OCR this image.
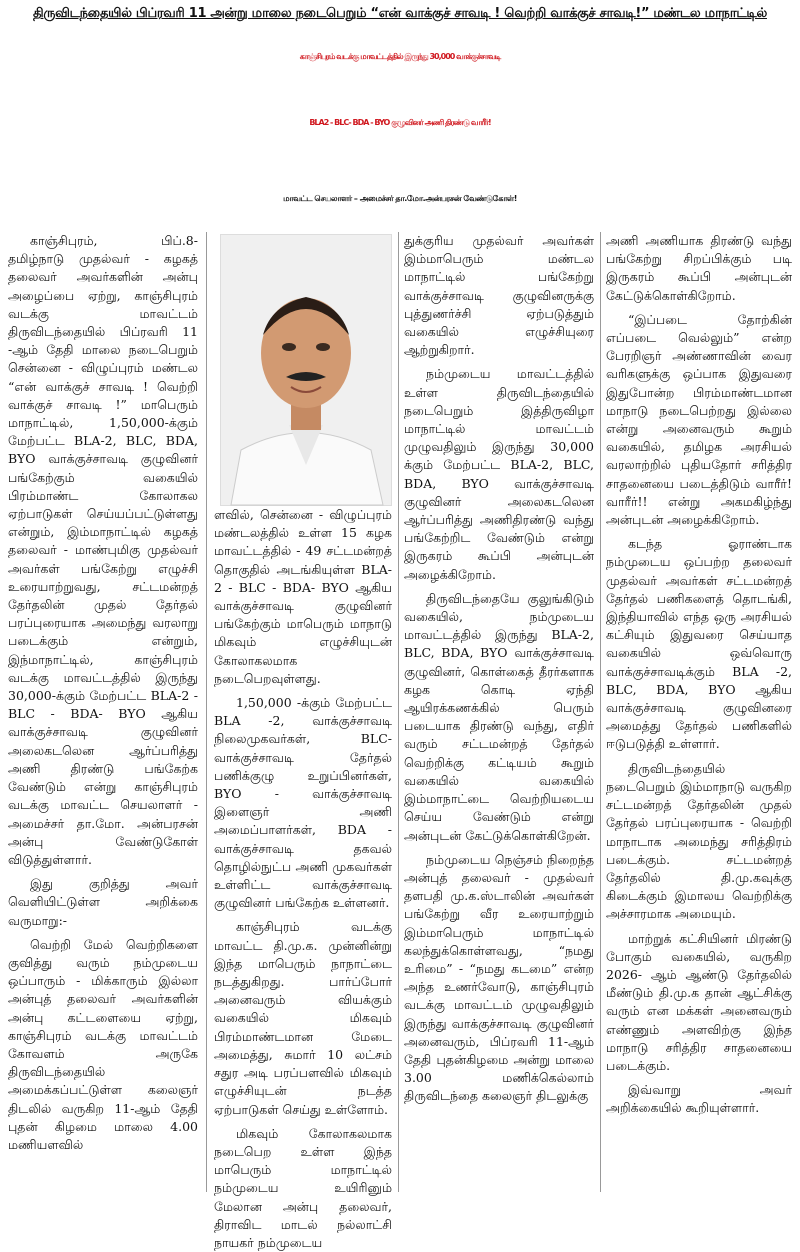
திருவிடந்தையில் பிப்ரவரி 11 அன்று மாலை நடைபெறும் “என் வாக்குச் சாவடி ! வெற்றி வாக்குச் சாவடி!” மண்டல மாநாட்டில்
காஞ்சிபுரம் வடக்கு மாவட்டத்தில் இருந்து 30,000 வாக்குச்சாவடி
BLA2 - BLC- BDA - BYO குழுவினர் அணி திரண்டு வாரீர்!
மாவட்ட செயலாளர் – அமைச்சர் தா.மோ.அன்பரசன் வேண்டுகோள்!

காஞ்சிபுரம், பிப்.8- தமிழ்நாடு முதல்வர் - கழகத் தலைவர் அவர்களின் அன்பு அழைப்பை ஏற்று, காஞ்சிபுரம் வடக்கு மாவட்டம் திருவிடந்தையில் பிப்ரவரி 11 -ஆம் தேதி மாலை நடைபெறும் சென்னை - விழுப்புரம் மண்டல “என் வாக்குச் சாவடி ! வெற்றி வாக்குச் சாவடி !” மாபெரும் மாநாட்டில், 1,50,000-க்கும் மேற்பட்ட BLA-2, BLC, BDA, BYO வாக்குச்சாவடி குழுவினர் பங்கேற்கும் வகையில் பிரம்மாண்ட கோலாகல ஏற்பாடுகள் செய்யப்பட்டுள்ளது என்றும், இம்மாநாட்டில் கழகத் தலைவர் - மாண்புமிகு முதல்வர் அவர்கள் பங்கேற்று எழுச்சி உரையாற்றுவது, சட்டமன்றத் தேர்தலின் முதல் தேர்தல் பரப்புரையாக அமைந்து வரலாறு படைக்கும் என்றும், இந்மாநாட்டில், காஞ்சிபுரம் வடக்கு மாவட்டத்தில் இருந்து 30,000-க்கும் மேற்பட்ட BLA-2 - BLC - BDA- BYO ஆகிய வாக்குச்சாவடி குழுவினர் அலைகடலென ஆர்ப்பரித்து அணி திரண்டு பங்கேற்க வேண்டும் என்று காஞ்சிபுரம் வடக்கு மாவட்ட செயலாளர் - அமைச்சர் தா.மோ. அன்பரசன் அன்பு வேண்டுகோள் விடுத்துள்ளார்.

இது குறித்து அவர் வெளியிட்டுள்ள அறிக்கை வருமாறு:-

வெற்றி மேல் வெற்றிகளை குவித்து வரும் நம்முடைய ஒப்பாரும் - மிக்காரும் இல்லா அன்புத் தலைவர் அவர்களின் அன்பு கட்டளையை ஏற்று, காஞ்சிபுரம் வடக்கு மாவட்டம் கோவளம் அருகே திருவிடந்தையில் அமைக்கப்பட்டுள்ள கலைஞர் திடலில் வருகிற 11-ஆம் தேதி புதன் கிழமை மாலை 4.00 மணியளவில்

ளவில், சென்னை - விழுப்புரம் மண்டலத்தில் உள்ள 15 கழக மாவட்டத்தில் - 49 சட்டமன்றத் தொகுதில் அடங்கியுள்ள BLA-2 - BLC - BDA- BYO ஆகிய வாக்குச்சாவடி குழுவினர் பங்கேற்கும் மாபெரும் மாநாடு மிகவும் எழுச்சியுடன் கோலாகலமாக நடைபெறவுள்ளது.

1,50,000 -க்கும் மேற்பட்ட BLA -2, வாக்குச்சாவடி நிலைமுகவர்கள், BLC- வாக்குச்சாவடி தேர்தல் பணிக்குழு உறுப்பினர்கள், BYO - வாக்குச்சாவடி இளைஞர் அணி அமைப்பாளர்கள், BDA - வாக்குச்சாவடி தகவல் தொழில்நுட்ப அணி முகவர்கள் உள்ளிட்ட வாக்குச்சாவடி குழுவினர் பங்கேற்க உள்ளனர்.

காஞ்சிபுரம் வடக்கு மாவட்ட தி.மு.க. முன்னின்று இந்த மாபெரும் நாநாட்டை நடத்துகிறது. பார்ப்போர் அனைவரும் வியக்கும் வகையில் மிகவும் பிரம்மாண்டமான மேடை அமைத்து, சுமார் 10 லட்சம் சதுர அடி பரப்பளவில் மிகவும் எழுச்சியுடன் நடத்த ஏற்பாடுகள் செய்து உள்ளோம்.

மிகவும் கோலாகலமாக நடைபெற உள்ள இந்த மாபெரும் மாநாட்டில் நம்முடைய உயிரினும் மேலான அன்பு தலைவர், திராவிட மாடல் நல்லாட்சி நாயகர் நம்முடைய

துக்குரிய முதல்வர் அவர்கள் இம்மாபெரும் மண்டல மாநாட்டில் பங்கேற்று வாக்குச்சாவடி குழுவினருக்கு புத்துணர்ச்சி ஏற்படுத்தும் வகையில் எழுச்சியுரை ஆற்றுகிறார்.

நம்முடைய மாவட்டத்தில் உள்ள திருவிடந்தையில் நடைபெறும் இத்திருவிழா மாநாட்டில் மாவட்டம் முழுவதிலும் இருந்து 30,000 க்கும் மேற்பட்ட BLA-2, BLC, BDA, BYO வாக்குச்சாவடி குழுவினர் அலைகடலென ஆர்ப்பரித்து அணிதிரண்டு வந்து பங்கேற்றிட வேண்டும் என்று இருகரம் கூப்பி அன்புடன் அழைக்கிறோம்.

திருவிடந்தையே குலுங்கிடும் வகையில், நம்முடைய மாவட்டத்தில் இருந்து BLA-2, BLC, BDA, BYO வாக்குச்சாவடி குழுவினர், கொள்கைத் தீரர்களாக கழக கொடி ஏந்தி ஆயிரக்கணக்கில் பெரும் படையாக திரண்டு வந்து, எதிர் வரும் சட்டமன்றத் தேர்தல் வெற்றிக்கு கட்டியம் கூறும் வகையில் வகையில் இம்மாநாட்டை வெற்றியடைய செய்ய வேண்டும் என்று அன்புடன் கேட்டுக்கொள்கிறேன்.

நம்முடைய நெஞ்சம் நிறைந்த அன்புத் தலைவர் - முதல்வர் தளபதி மு.க.ஸ்டாலின் அவர்கள் பங்கேற்று வீர உரையாற்றும் இம்மாபெரும் மாநாட்டில் கலந்துக்கொள்ளவது, “நமது உரிமை” - “நமது கடமை” என்ற அந்த உணர்வோடு, காஞ்சிபுரம் வடக்கு மாவட்டம் முழுவதிலும் இருந்து வாக்குச்சாவடி குழுவினர் அனைவரும், பிப்ரவரி 11-ஆம் தேதி புதன்கிழமை அன்று மாலை 3.00 மணிக்கெல்லாம் திருவிடந்தை கலைஞர் திடலுக்கு

அணி அணியாக திரண்டு வந்து பங்கேற்று சிறப்பிக்கும் படி இருகரம் கூப்பி அன்புடன் கேட்டுக்கொள்கிறோம்.

“இப்படை தோற்கின் எப்படை வெல்லும்” என்ற பேரறிஞர் அண்ணாவின் வைர வரிகளுக்கு ஒப்பாக இதுவரை இதுபோன்ற பிரம்மாண்டமான மாநாடு நடைபெற்றது இல்லை என்று அனைவரும் கூறும் வகையில், தமிழக அரசியல் வரலாற்றில் புதியதோர் சரித்திர சாதனையை படைத்திடும் வாரீர்! வாரீர்!! என்று அகமகிழ்ந்து அன்புடன் அழைக்கிறோம்.

கடந்த ஓராண்டாக நம்முடைய ஒப்பற்ற தலைவர் முதல்வர் அவர்கள் சட்டமன்றத் தேர்தல் பணிகளைத் தொடங்கி, இந்தியாவில் எந்த ஒரு அரசியல் கட்சியும் இதுவரை செய்யாத வகையில் ஒவ்வொரு வாக்குச்சாவடிக்கும் BLA -2, BLC, BDA, BYO ஆகிய வாக்குச்சாவடி குழுவினரை அமைத்து தேர்தல் பணிகளில் ஈடுபடுத்தி உள்ளார்.

திருவிடந்தையில் நடைபெறும் இம்மாநாடு வருகிற சட்டமன்றத் தேர்தலின் முதல் தேர்தல் பரப்புரையாக - வெற்றி மாநாடாக அமைந்து சரித்திரம் படைக்கும். சட்டமன்றத் தேர்தலில் தி.மு.கவுக்கு கிடைக்கும் இமாலய வெற்றிக்கு அச்சாரமாக அமையும்.

மாற்றுக் கட்சியினர் மிரண்டு போகும் வகையில், வருகிற 2026- ஆம் ஆண்டு தேர்தலில் மீண்டும் தி.மு.க தான் ஆட்சிக்கு வரும் என மக்கள் அனைவரும் எண்ணும் அளவிற்கு இந்த மாநாடு சரித்திர சாதனையை படைக்கும்.

இவ்வாறு அவர் அறிக்கையில் கூறியுள்ளார்.
